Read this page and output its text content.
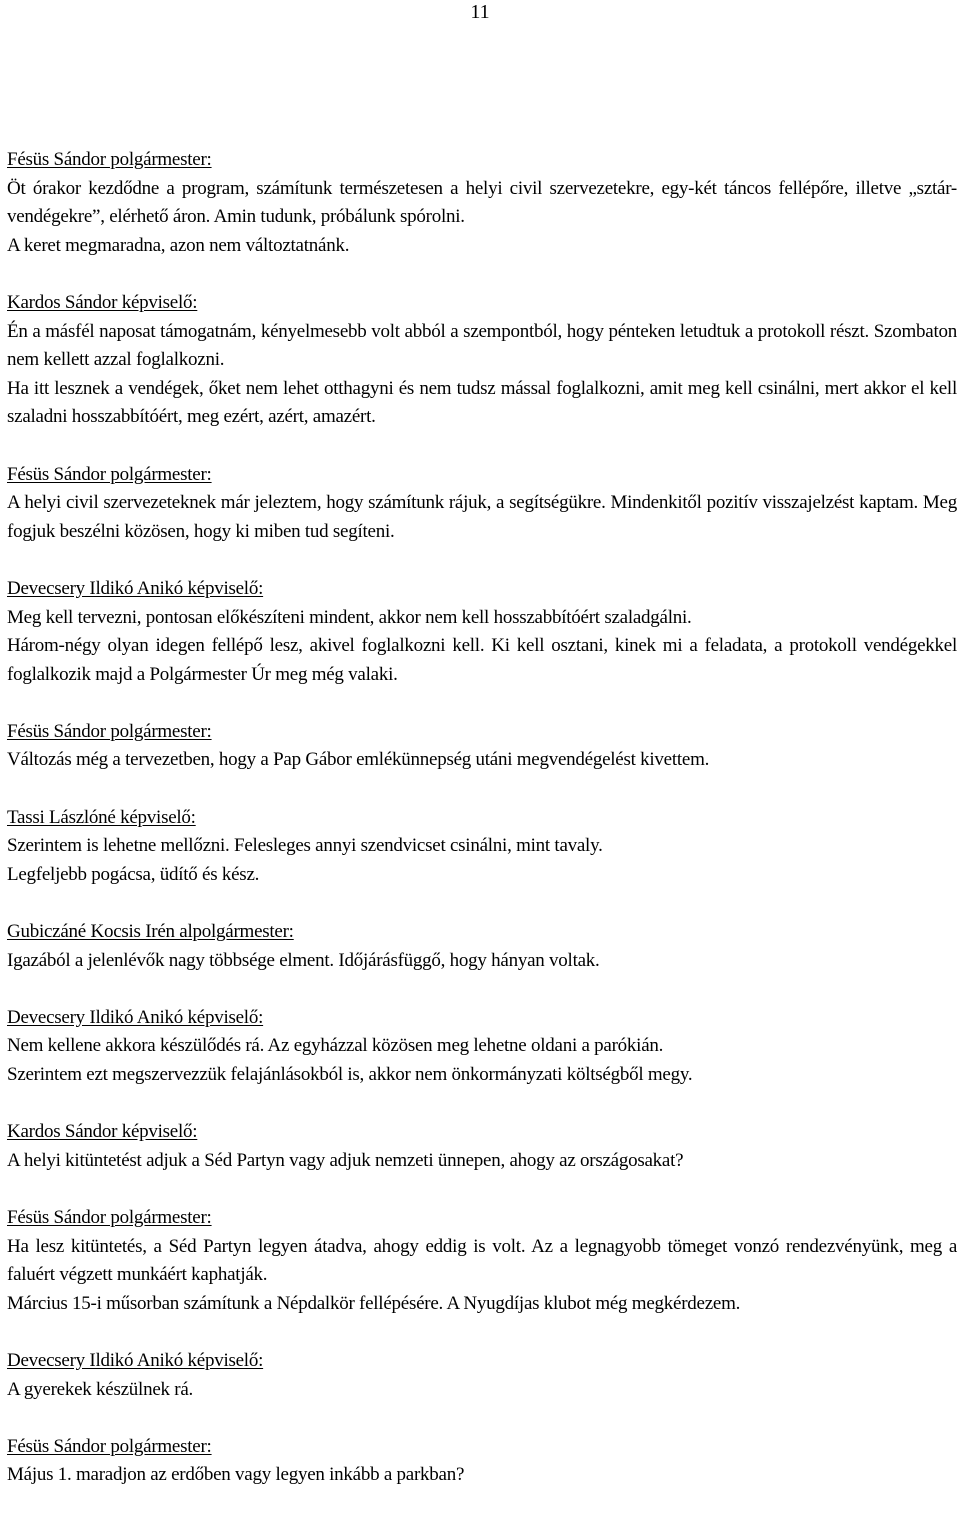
11
Fésüs Sándor polgármester:

Öt órakor kezdődne a program, számítunk természetesen a helyi civil szervezetekre, egy-két táncos fellépőre, illetve „sztár-vendégekre”, elérhető áron. Amin tudunk, próbálunk spórolni.

A keret megmaradna, azon nem változtatnánk.

Kardos Sándor képviselő:

Én a másfél naposat támogatnám, kényelmesebb volt abból a szempontból, hogy pénteken letudtuk a protokoll részt. Szombaton nem kellett azzal foglalkozni.

Ha itt lesznek a vendégek, őket nem lehet otthagyni és nem tudsz mással foglalkozni, amit meg kell csinálni, mert akkor el kell szaladni hosszabbítóért, meg ezért, azért, amazért.

Fésüs Sándor polgármester:

A helyi civil szervezeteknek már jeleztem, hogy számítunk rájuk, a segítségükre. Mindenkitől pozitív visszajelzést kaptam. Meg fogjuk beszélni közösen, hogy ki miben tud segíteni.

Devecsery Ildikó Anikó képviselő:

Meg kell tervezni, pontosan előkészíteni mindent, akkor nem kell hosszabbítóért szaladgálni.

Három-négy olyan idegen fellépő lesz, akivel foglalkozni kell. Ki kell osztani, kinek mi a feladata, a protokoll vendégekkel foglalkozik majd a Polgármester Úr meg még valaki.

Fésüs Sándor polgármester:

Változás még a tervezetben, hogy a Pap Gábor emlékünnepség utáni megvendégelést kivettem.

Tassi Lászlóné képviselő:

Szerintem is lehetne mellőzni. Felesleges annyi szendvicset csinálni, mint tavaly.

Legfeljebb pogácsa, üdítő és kész.

Gubiczáné Kocsis Irén alpolgármester:

Igazából a jelenlévők nagy többsége elment. Időjárásfüggő, hogy hányan voltak.

Devecsery Ildikó Anikó képviselő:

Nem kellene akkora készülődés rá. Az egyházzal közösen meg lehetne oldani a parókián.

Szerintem ezt megszervezzük felajánlásokból is, akkor nem önkormányzati költségből megy.

Kardos Sándor képviselő:

A helyi kitüntetést adjuk a Séd Partyn vagy adjuk nemzeti ünnepen, ahogy az országosakat?

Fésüs Sándor polgármester:

Ha lesz kitüntetés, a Séd Partyn legyen átadva, ahogy eddig is volt. Az a legnagyobb tömeget vonzó rendezvényünk, meg a faluért végzett munkáért kaphatják.

Március 15-i műsorban számítunk a Népdalkör fellépésére. A Nyugdíjas klubot még megkérdezem.

Devecsery Ildikó Anikó képviselő:

A gyerekek készülnek rá.

Fésüs Sándor polgármester:

Május 1. maradjon az erdőben vagy legyen inkább a parkban?
